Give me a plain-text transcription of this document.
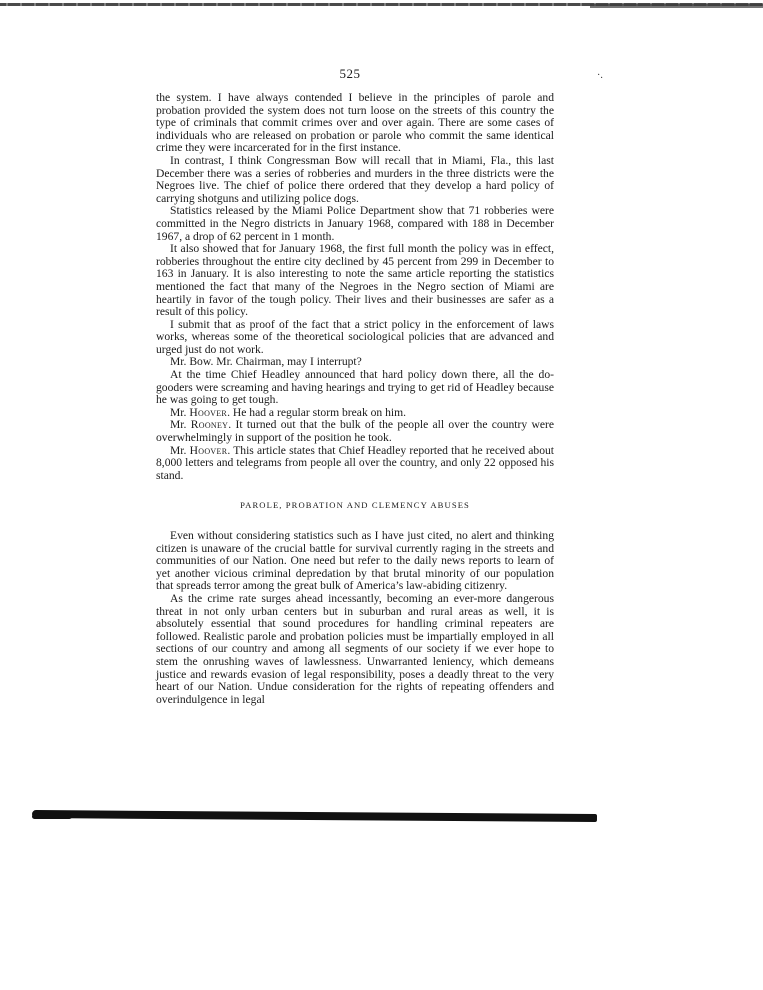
·.
525

the system. I have always contended I believe in the principles of parole and probation provided the system does not turn loose on the streets of this country the type of criminals that commit crimes over and over again. There are some cases of individuals who are released on probation or parole who commit the same identical crime they were incarcerated for in the first instance.

In contrast, I think Congressman Bow will recall that in Miami, Fla., this last December there was a series of robberies and murders in the three districts were the Negroes live. The chief of police there ordered that they develop a hard policy of carrying shotguns and utilizing police dogs.

Statistics released by the Miami Police Department show that 71 robberies were committed in the Negro districts in January 1968, compared with 188 in December 1967, a drop of 62 percent in 1 month.

It also showed that for January 1968, the first full month the policy was in effect, robberies throughout the entire city declined by 45 percent from 299 in December to 163 in January. It is also interesting to note the same article reporting the statistics mentioned the fact that many of the Negroes in the Negro section of Miami are heartily in favor of the tough policy. Their lives and their businesses are safer as a result of this policy.

I submit that as proof of the fact that a strict policy in the enforcement of laws works, whereas some of the theoretical sociological policies that are advanced and urged just do not work.

Mr. Bow. Mr. Chairman, may I interrupt?

At the time Chief Headley announced that hard policy down there, all the do-gooders were screaming and having hearings and trying to get rid of Headley because he was going to get tough.

Mr. Hoover. He had a regular storm break on him.

Mr. Rooney. It turned out that the bulk of the people all over the country were overwhelmingly in support of the position he took.

Mr. Hoover. This article states that Chief Headley reported that he received about 8,000 letters and telegrams from people all over the country, and only 22 opposed his stand.

PAROLE, PROBATION AND CLEMENCY ABUSES

Even without considering statistics such as I have just cited, no alert and thinking citizen is unaware of the crucial battle for survival currently raging in the streets and communities of our Nation. One need but refer to the daily news reports to learn of yet another vicious criminal depredation by that brutal minority of our population that spreads terror among the great bulk of America’s law-abiding citizenry.

As the crime rate surges ahead incessantly, becoming an ever-more dangerous threat in not only urban centers but in suburban and rural areas as well, it is absolutely essential that sound procedures for handling criminal repeaters are followed. Realistic parole and probation policies must be impartially employed in all sections of our country and among all segments of our society if we ever hope to stem the onrushing waves of lawlessness. Unwarranted leniency, which demeans justice and rewards evasion of legal responsibility, poses a deadly threat to the very heart of our Nation. Undue consideration for the rights of repeating offenders and overindulgence in legal
